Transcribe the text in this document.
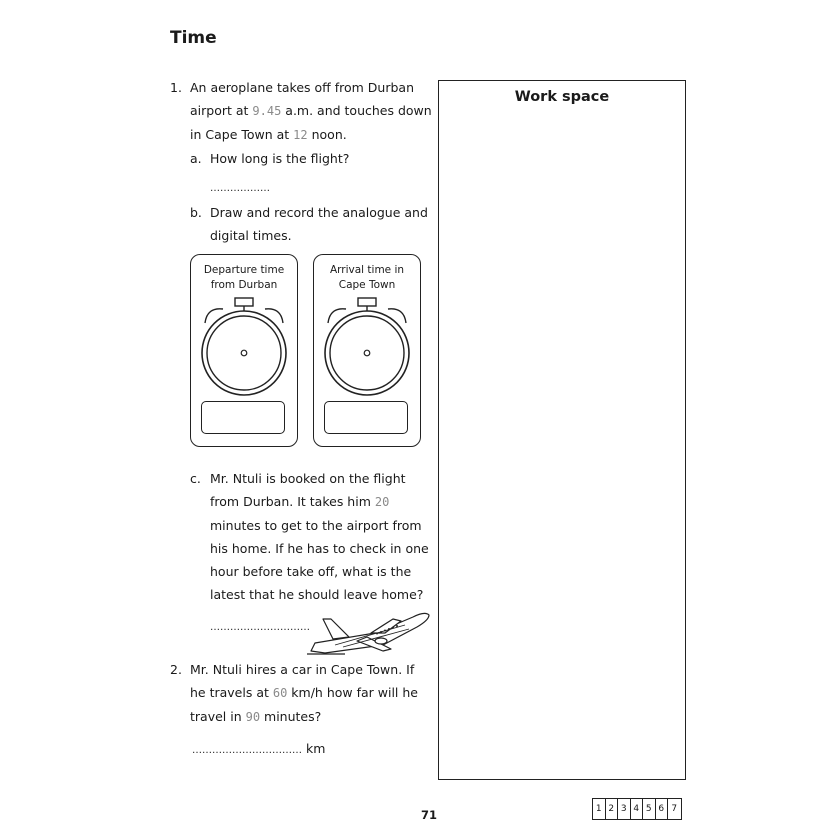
Time
1. An aeroplane takes off from Durban
airport at 9.45 a.m. and touches down
in Cape Town at 12 noon.
a. How long is the flight?
………………
b. Draw and record the analogue and
digital times.
Departure time
from Durban
Arrival time in
Cape Town
c. Mr. Ntuli is booked on the flight
from Durban. It takes him 20
minutes to get to the airport from
his home. If he has to check in one
hour before take off, what is the
latest that he should leave home?
…………………………
2. Mr. Ntuli hires a car in Cape Town. If
he travels at 60 km/h how far will he
travel in 90 minutes?
…………………………… km
Work space
71	1 2 3 4 5 6 7
